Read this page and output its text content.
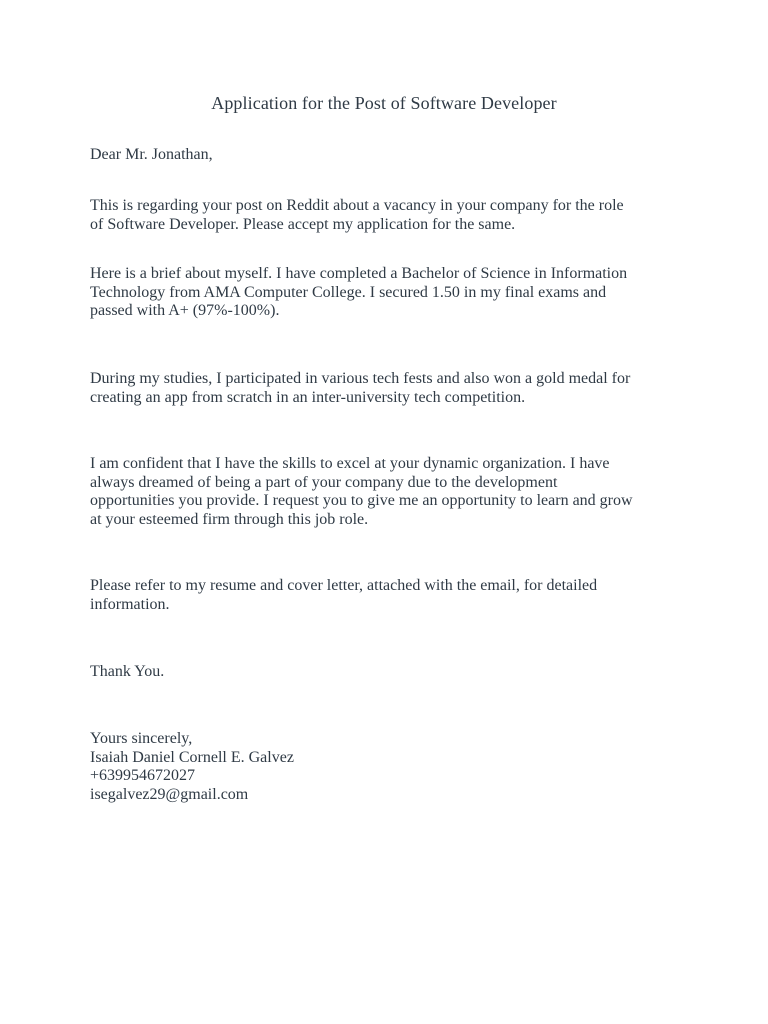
Application for the Post of Software Developer
Dear Mr. Jonathan,
This is regarding your post on Reddit about a vacancy in your company for the role
of Software Developer. Please accept my application for the same.
Here is a brief about myself. I have completed a Bachelor of Science in Information
Technology from AMA Computer College. I secured 1.50 in my final exams and
passed with A+ (97%-100%).
During my studies, I participated in various tech fests and also won a gold medal for
creating an app from scratch in an inter-university tech competition.
I am confident that I have the skills to excel at your dynamic organization. I have
always dreamed of being a part of your company due to the development
opportunities you provide. I request you to give me an opportunity to learn and grow
at your esteemed firm through this job role.
Please refer to my resume and cover letter, attached with the email, for detailed
information.
Thank You.
Yours sincerely,
Isaiah Daniel Cornell E. Galvez
+639954672027
isegalvez29@gmail.com
